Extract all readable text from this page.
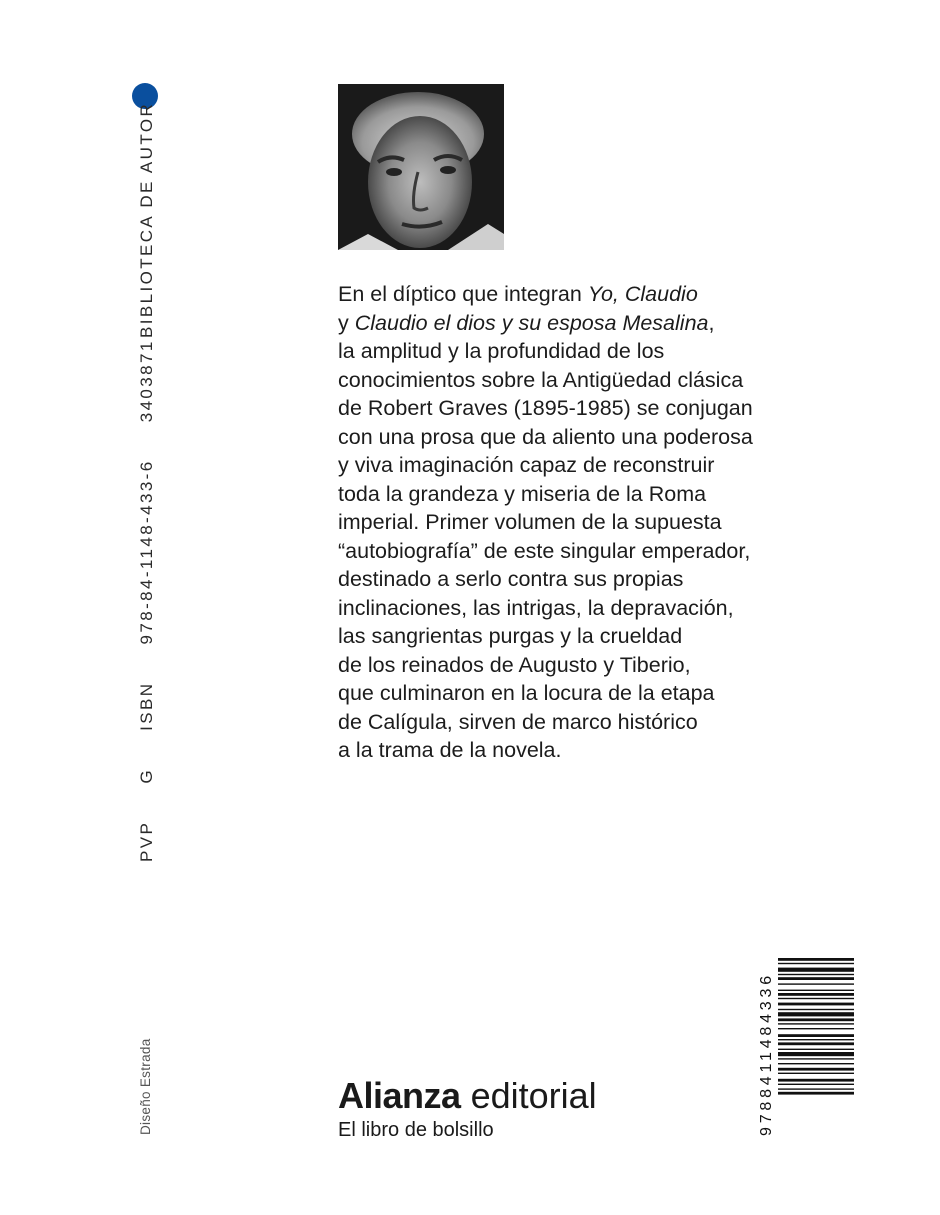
BIBLIOTECA DE AUTOR
PVP G ISBN 978-84-1148-433-6 3403871
Diseño Estrada
En el díptico que integran Yo, Claudio
y Claudio el dios y su esposa Mesalina,
la amplitud y la profundidad de los
conocimientos sobre la Antigüedad clásica
de Robert Graves (1895-1985) se conjugan
con una prosa que da aliento una poderosa
y viva imaginación capaz de reconstruir
toda la grandeza y miseria de la Roma
imperial. Primer volumen de la supuesta
“autobiografía” de este singular emperador,
destinado a serlo contra sus propias
inclinaciones, las intrigas, la depravación,
las sangrientas purgas y la crueldad
de los reinados de Augusto y Tiberio,
que culminaron en la locura de la etapa
de Calígula, sirven de marco histórico
a la trama de la novela.
Alianza editorial
El libro de bolsillo	9788411484336
